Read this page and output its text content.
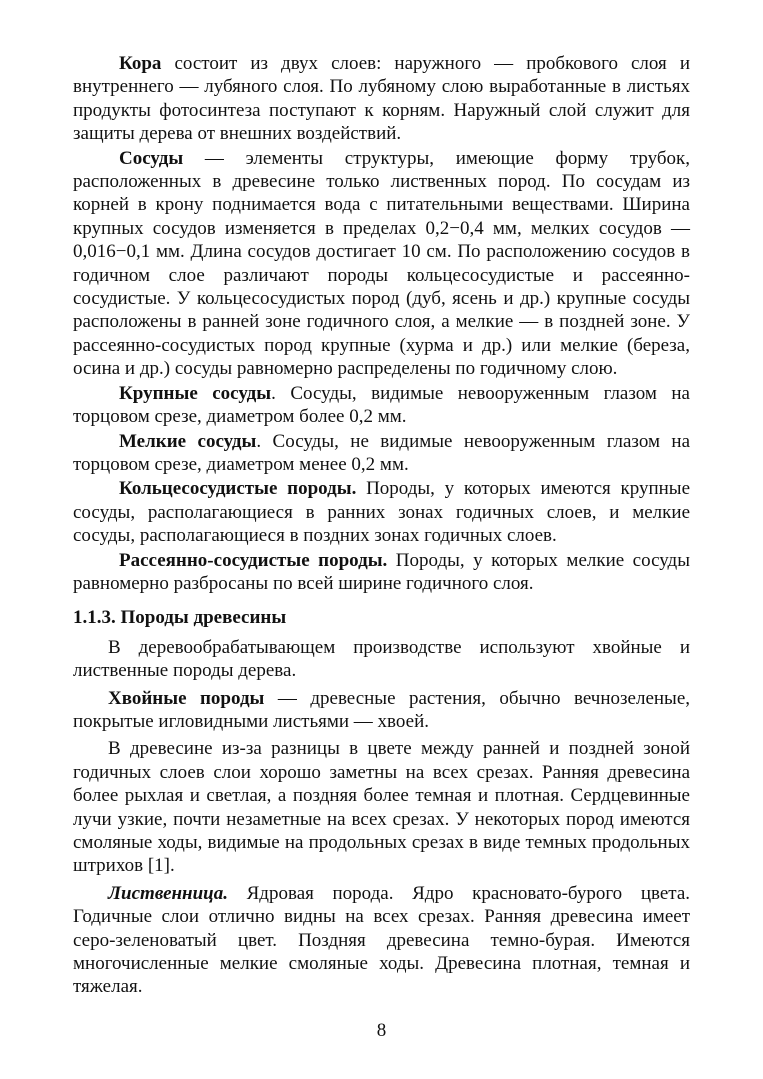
Кора состоит из двух слоев: наружного — пробкового слоя и внутреннего — лубяного слоя. По лубяному слою выработанные в листьях продукты фотосинтеза поступают к корням. Наружный слой служит для защиты дерева от внешних воздействий.

Сосуды — элементы структуры, имеющие форму трубок, расположенных в древесине только лиственных пород. По сосудам из корней в крону поднимается вода с питательными веществами. Ширина крупных сосудов изменяется в пределах 0,2−0,4 мм, мелких сосудов — 0,016−0,1 мм. Длина сосудов достигает 10 см. По расположению сосудов в годичном слое различают породы кольцесосудистые и рассеянно-сосудистые. У кольцесосудистых пород (дуб, ясень и др.) крупные сосуды расположены в ранней зоне годичного слоя, а мелкие — в поздней зоне. У рассеянно-сосудистых пород крупные (хурма и др.) или мелкие (береза, осина и др.) сосуды равномерно распределены по годичному слою.

Крупные сосуды. Сосуды, видимые невооруженным глазом на торцовом срезе, диаметром более 0,2 мм.

Мелкие сосуды. Сосуды, не видимые невооруженным глазом на торцовом срезе, диаметром менее 0,2 мм.

Кольцесосудистые породы. Породы, у которых имеются крупные сосуды, располагающиеся в ранних зонах годичных слоев, и мелкие сосуды, располагающиеся в поздних зонах годичных слоев.

Рассеянно-сосудистые породы. Породы, у которых мелкие сосуды равномерно разбросаны по всей ширине годичного слоя.

1.1.3. Породы древесины

В деревообрабатывающем производстве используют хвойные и лиственные породы дерева.

Хвойные породы — древесные растения, обычно вечнозеленые, покрытые игловидными листьями — хвоей.

В древесине из-за разницы в цвете между ранней и поздней зоной годичных слоев слои хорошо заметны на всех срезах. Ранняя древесина более рыхлая и светлая, а поздняя более темная и плотная. Сердцевинные лучи узкие, почти незаметные на всех срезах. У некоторых пород имеются смоляные ходы, видимые на продольных срезах в виде темных продольных штрихов [1].

Лиственница. Ядровая порода. Ядро красновато-бурого цвета. Годичные слои отлично видны на всех срезах. Ранняя древесина имеет серо-зеленоватый цвет. Поздняя древесина темно-бурая. Имеются многочисленные мелкие смоляные ходы. Древесина плотная, темная и тяжелая.

8
